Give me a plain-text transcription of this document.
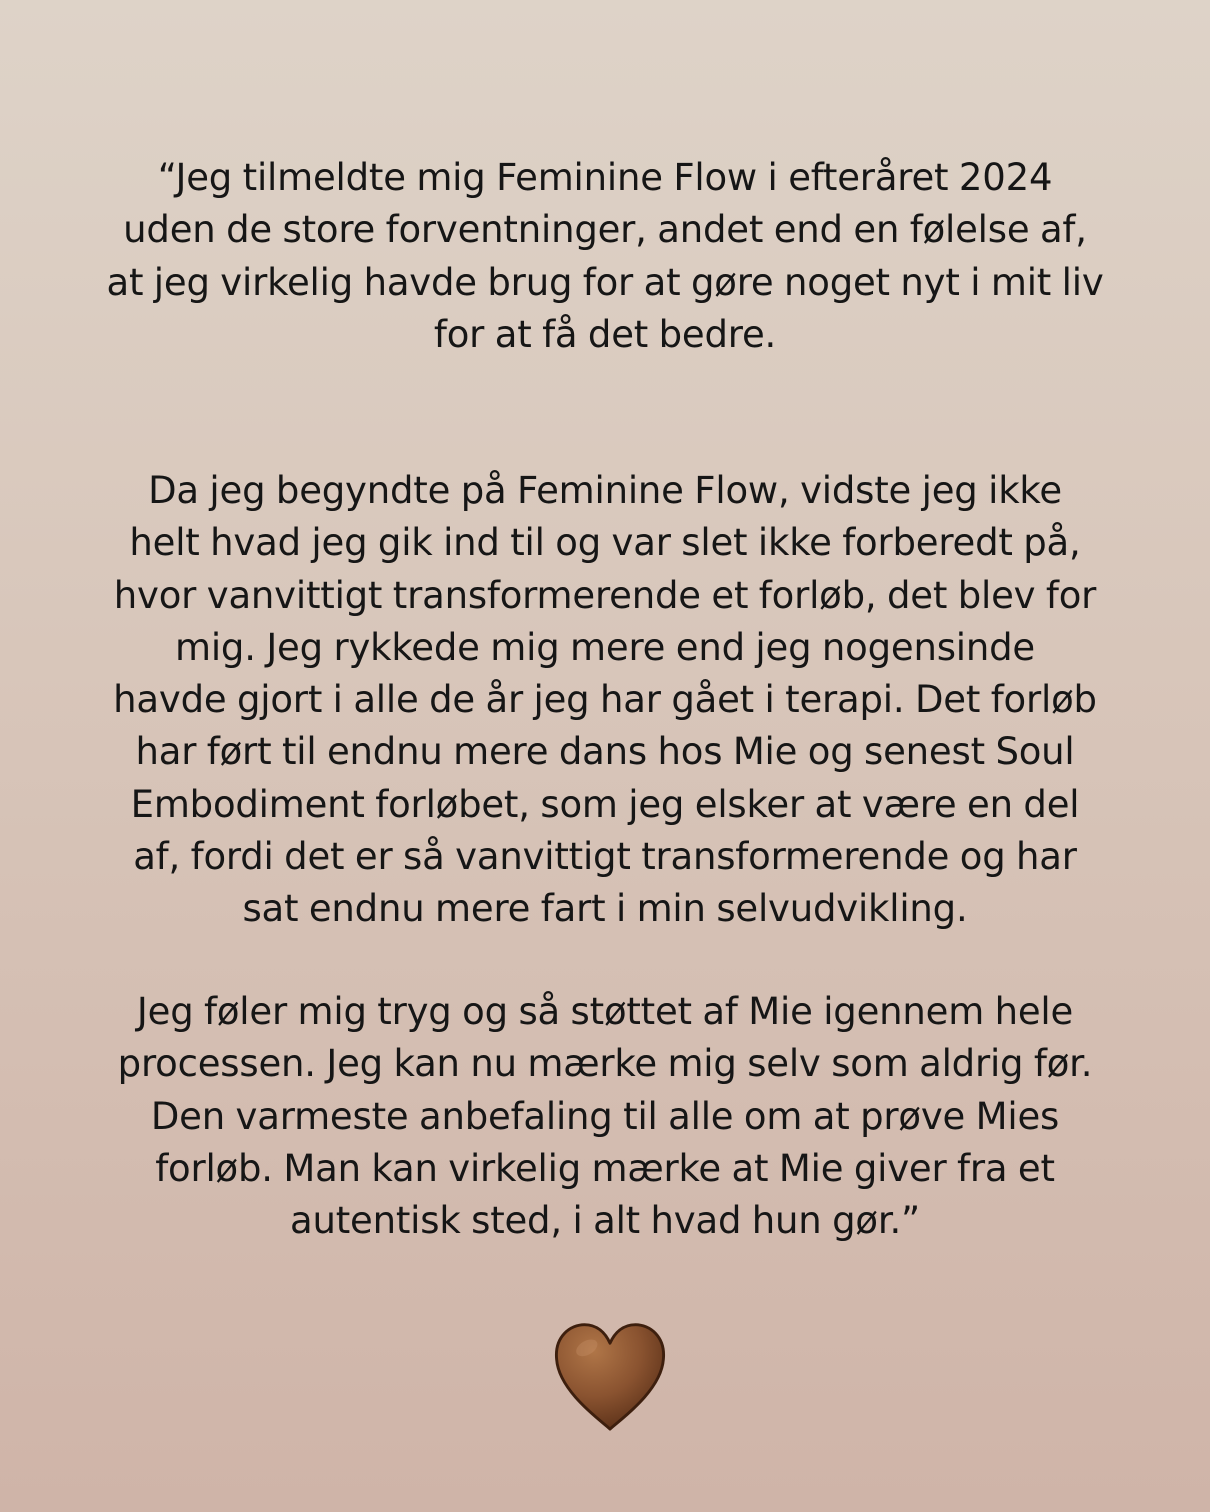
“Jeg tilmeldte mig Feminine Flow i efteråret 2024
uden de store forventninger, andet end en følelse af,
at jeg virkelig havde brug for at gøre noget nyt i mit liv
for at få det bedre.

Da jeg begyndte på Feminine Flow, vidste jeg ikke
helt hvad jeg gik ind til og var slet ikke forberedt på,
hvor vanvittigt transformerende et forløb, det blev for
mig. Jeg rykkede mig mere end jeg nogensinde
havde gjort i alle de år jeg har gået i terapi. Det forløb
har ført til endnu mere dans hos Mie og senest Soul
Embodiment forløbet, som jeg elsker at være en del
af, fordi det er så vanvittigt transformerende og har
sat endnu mere fart i min selvudvikling.

Jeg føler mig tryg og så støttet af Mie igennem hele
processen. Jeg kan nu mærke mig selv som aldrig før.
Den varmeste anbefaling til alle om at prøve Mies
forløb. Man kan virkelig mærke at Mie giver fra et
autentisk sted, i alt hvad hun gør.”
